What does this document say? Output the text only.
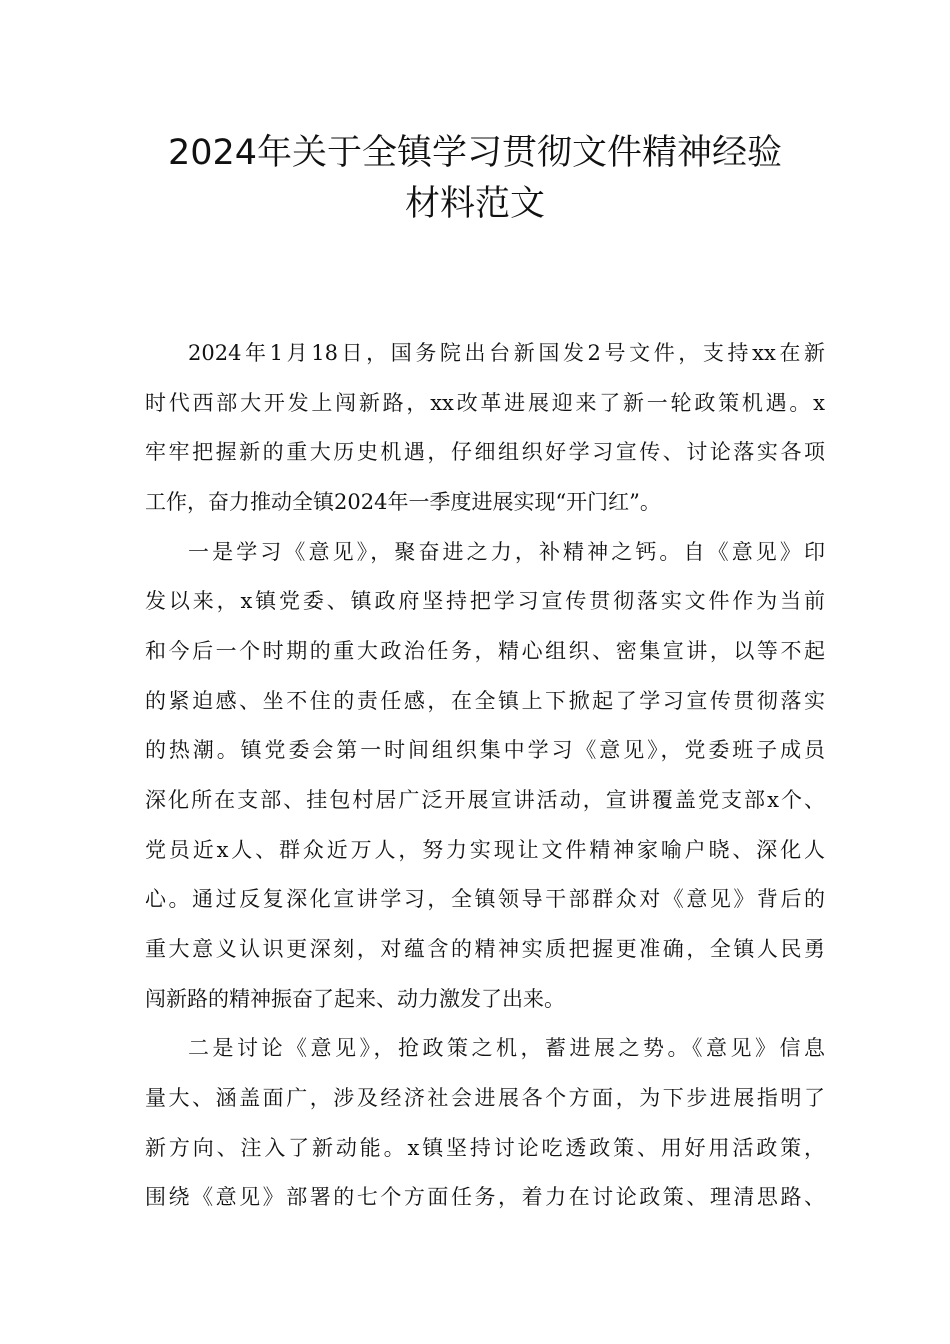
2024年关于全镇学习贯彻文件精神经验
材料范文
2024年1月18日，国务院出台新国发2号文件，支持xx在新
时代西部大开发上闯新路，xx改革进展迎来了新一轮政策机遇。x
牢牢把握新的重大历史机遇，仔细组织好学习宣传、讨论落实各项
工作，奋力推动全镇2024年一季度进展实现“开门红”。
一是学习《意见》，聚奋进之力，补精神之钙。自《意见》印
发以来，x镇党委、镇政府坚持把学习宣传贯彻落实文件作为当前
和今后一个时期的重大政治任务，精心组织、密集宣讲，以等不起
的紧迫感、坐不住的责任感，在全镇上下掀起了学习宣传贯彻落实
的热潮。镇党委会第一时间组织集中学习《意见》，党委班子成员
深化所在支部、挂包村居广泛开展宣讲活动，宣讲覆盖党支部x个、
党员近x人、群众近万人，努力实现让文件精神家喻户晓、深化人
心。通过反复深化宣讲学习，全镇领导干部群众对《意见》背后的
重大意义认识更深刻，对蕴含的精神实质把握更准确，全镇人民勇
闯新路的精神振奋了起来、动力激发了出来。
二是讨论《意见》，抢政策之机，蓄进展之势。《意见》信息
量大、涵盖面广，涉及经济社会进展各个方面，为下步进展指明了
新方向、注入了新动能。x镇坚持讨论吃透政策、用好用活政策，
围绕《意见》部署的七个方面任务，着力在讨论政策、理清思路、
